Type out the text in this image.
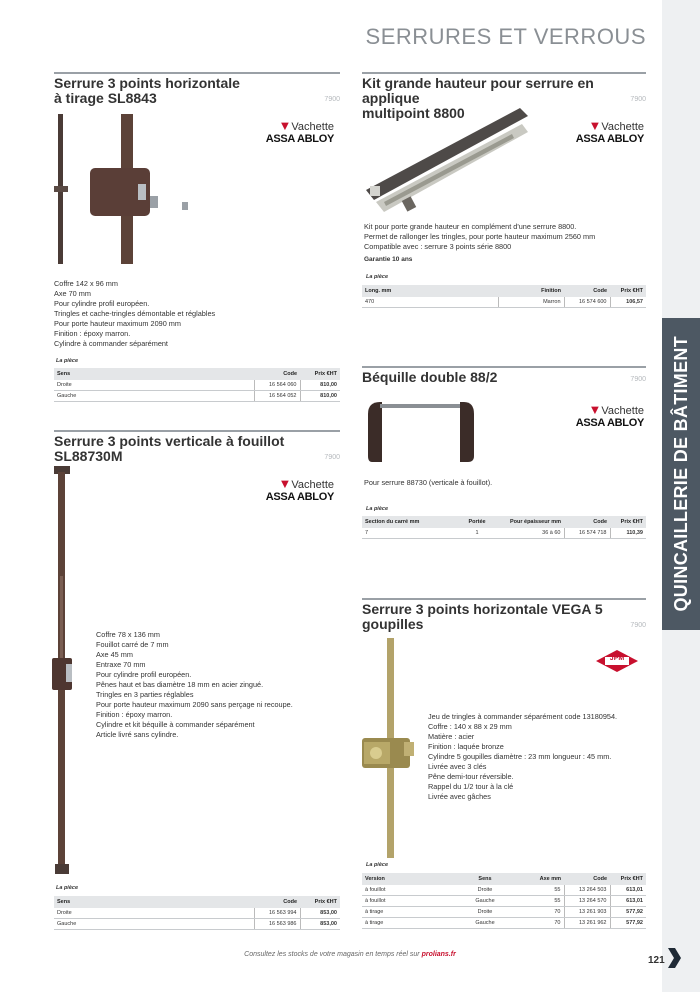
QUINCAILLERIE DE BÂTIMENT
SERRURES ET VERROUS
Serrure 3 points horizontale
à tirage SL8843	7900
▼Vachette
ASSA ABLOY
Coffre 142 x 96 mm
Axe 70 mm
Pour cylindre profil européen.
Tringles et cache-tringles démontable et réglables
Pour porte hauteur maximum 2090 mm
Finition : époxy marron.
Cylindre à commander séparément
La pièce
Sens	Code	Prix €HT
Droite	16 564 060	810,00
Gauche	16 564 052	810,00
Serrure 3 points verticale à fouillot
SL88730M	7900
▼Vachette
ASSA ABLOY
Coffre 78 x 136 mm
Fouillot carré de 7 mm
Axe 45 mm
Entraxe 70 mm
Pour cylindre profil européen.
Pênes haut et bas diamètre 18 mm en acier zingué.
Tringles en 3 parties réglables
Pour porte hauteur maximum 2090 sans perçage ni recoupe.
Finition : époxy marron.
Cylindre et kit béquille à commander séparément
Article livré sans cylindre.
La pièce
Sens	Code	Prix €HT
Droite	16 563 994	853,00
Gauche	16 563 986	853,00
Kit grande hauteur pour serrure en applique
multipoint 8800
7900
▼Vachette
ASSA ABLOY
Kit pour porte grande hauteur en complément d'une serrure 8800.
Permet de rallonger les tringles, pour porte hauteur maximum 2560 mm
Compatible avec : serrure 3 points série 8800
Garantie 10 ans
La pièce
Long. mm	Finition	Code	Prix €HT
470	Marron	16 574 600	106,57
Béquille double 88/2	7900
▼Vachette
ASSA ABLOY
Pour serrure 88730 (verticale à fouillot).
La pièce
Section du carré mm	Portée	Pour épaisseur mm	Code	Prix €HT
7	1	36 à 60	16 574 718	110,39
Serrure 3 points horizontale VEGA 5
goupilles	7900
JPM
Jeu de tringles à commander séparément code 13180954.
Coffre : 140 x 88 x 29 mm
Matière : acier
Finition : laquée bronze
Cylindre 5 goupilles diamètre : 23 mm longueur : 45 mm.
Livrée avec 3 clés
Pêne demi-tour réversible.
Rappel du 1/2 tour à la clé
Livrée avec gâches
La pièce
Version	Sens	Axe mm	Code	Prix €HT
à fouillot	Droite	55	13 264 503	613,01
à fouillot	Gauche	55	13 264 570	613,01
à tirage	Droite	70	13 261 903	577,92
à tirage	Gauche	70	13 261 962	577,92
Consultez les stocks de votre magasin en temps réel sur prolians.fr
121
